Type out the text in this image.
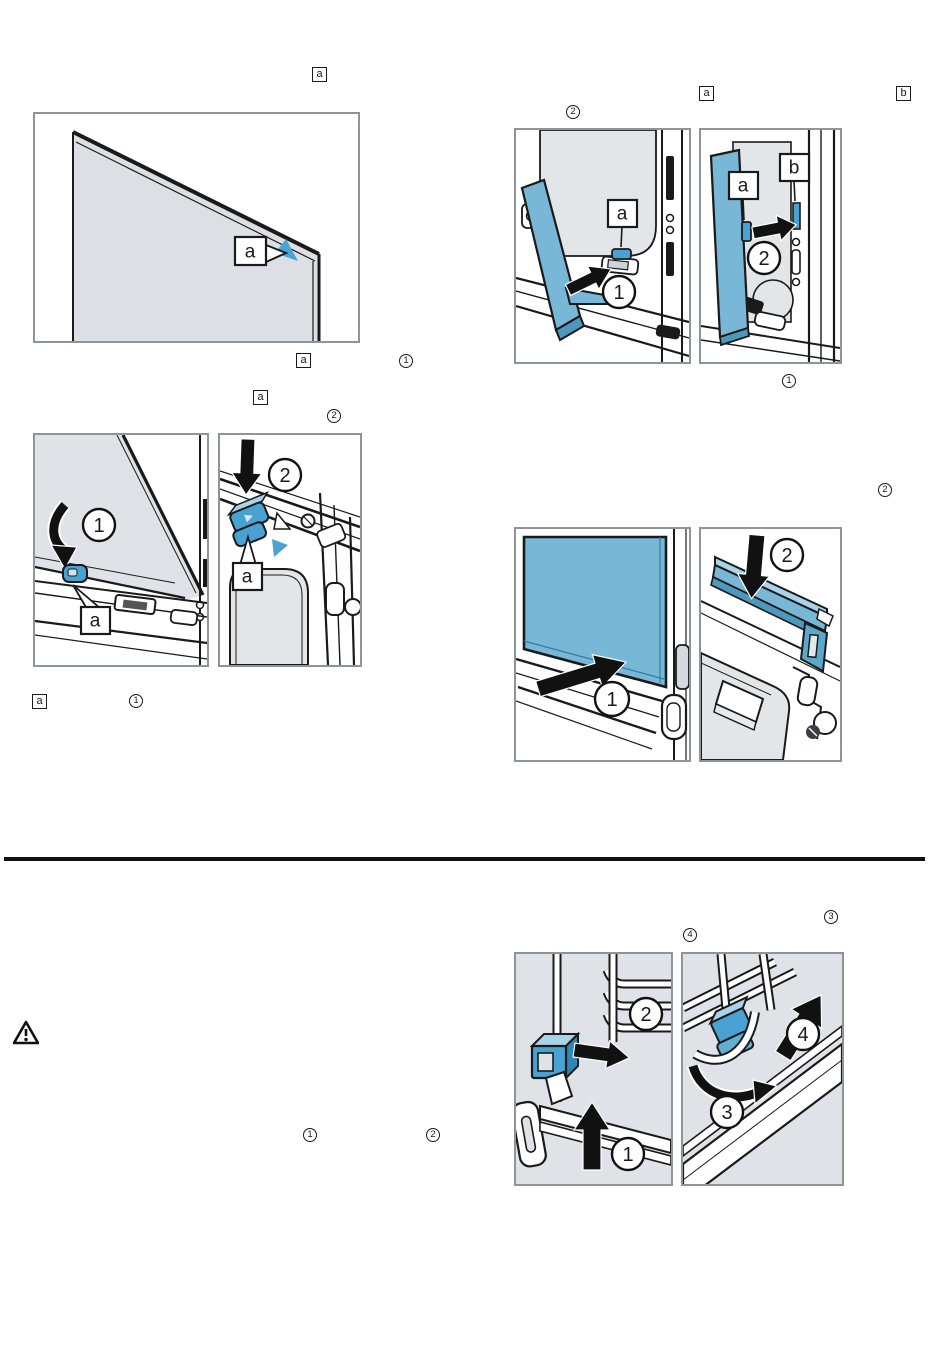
a
a
a	1
2
a	b
a
1
a
b
2
1
a
2
1
a
2
a
a	1
2
1
2
3
4
2
1
4
3
1	2
